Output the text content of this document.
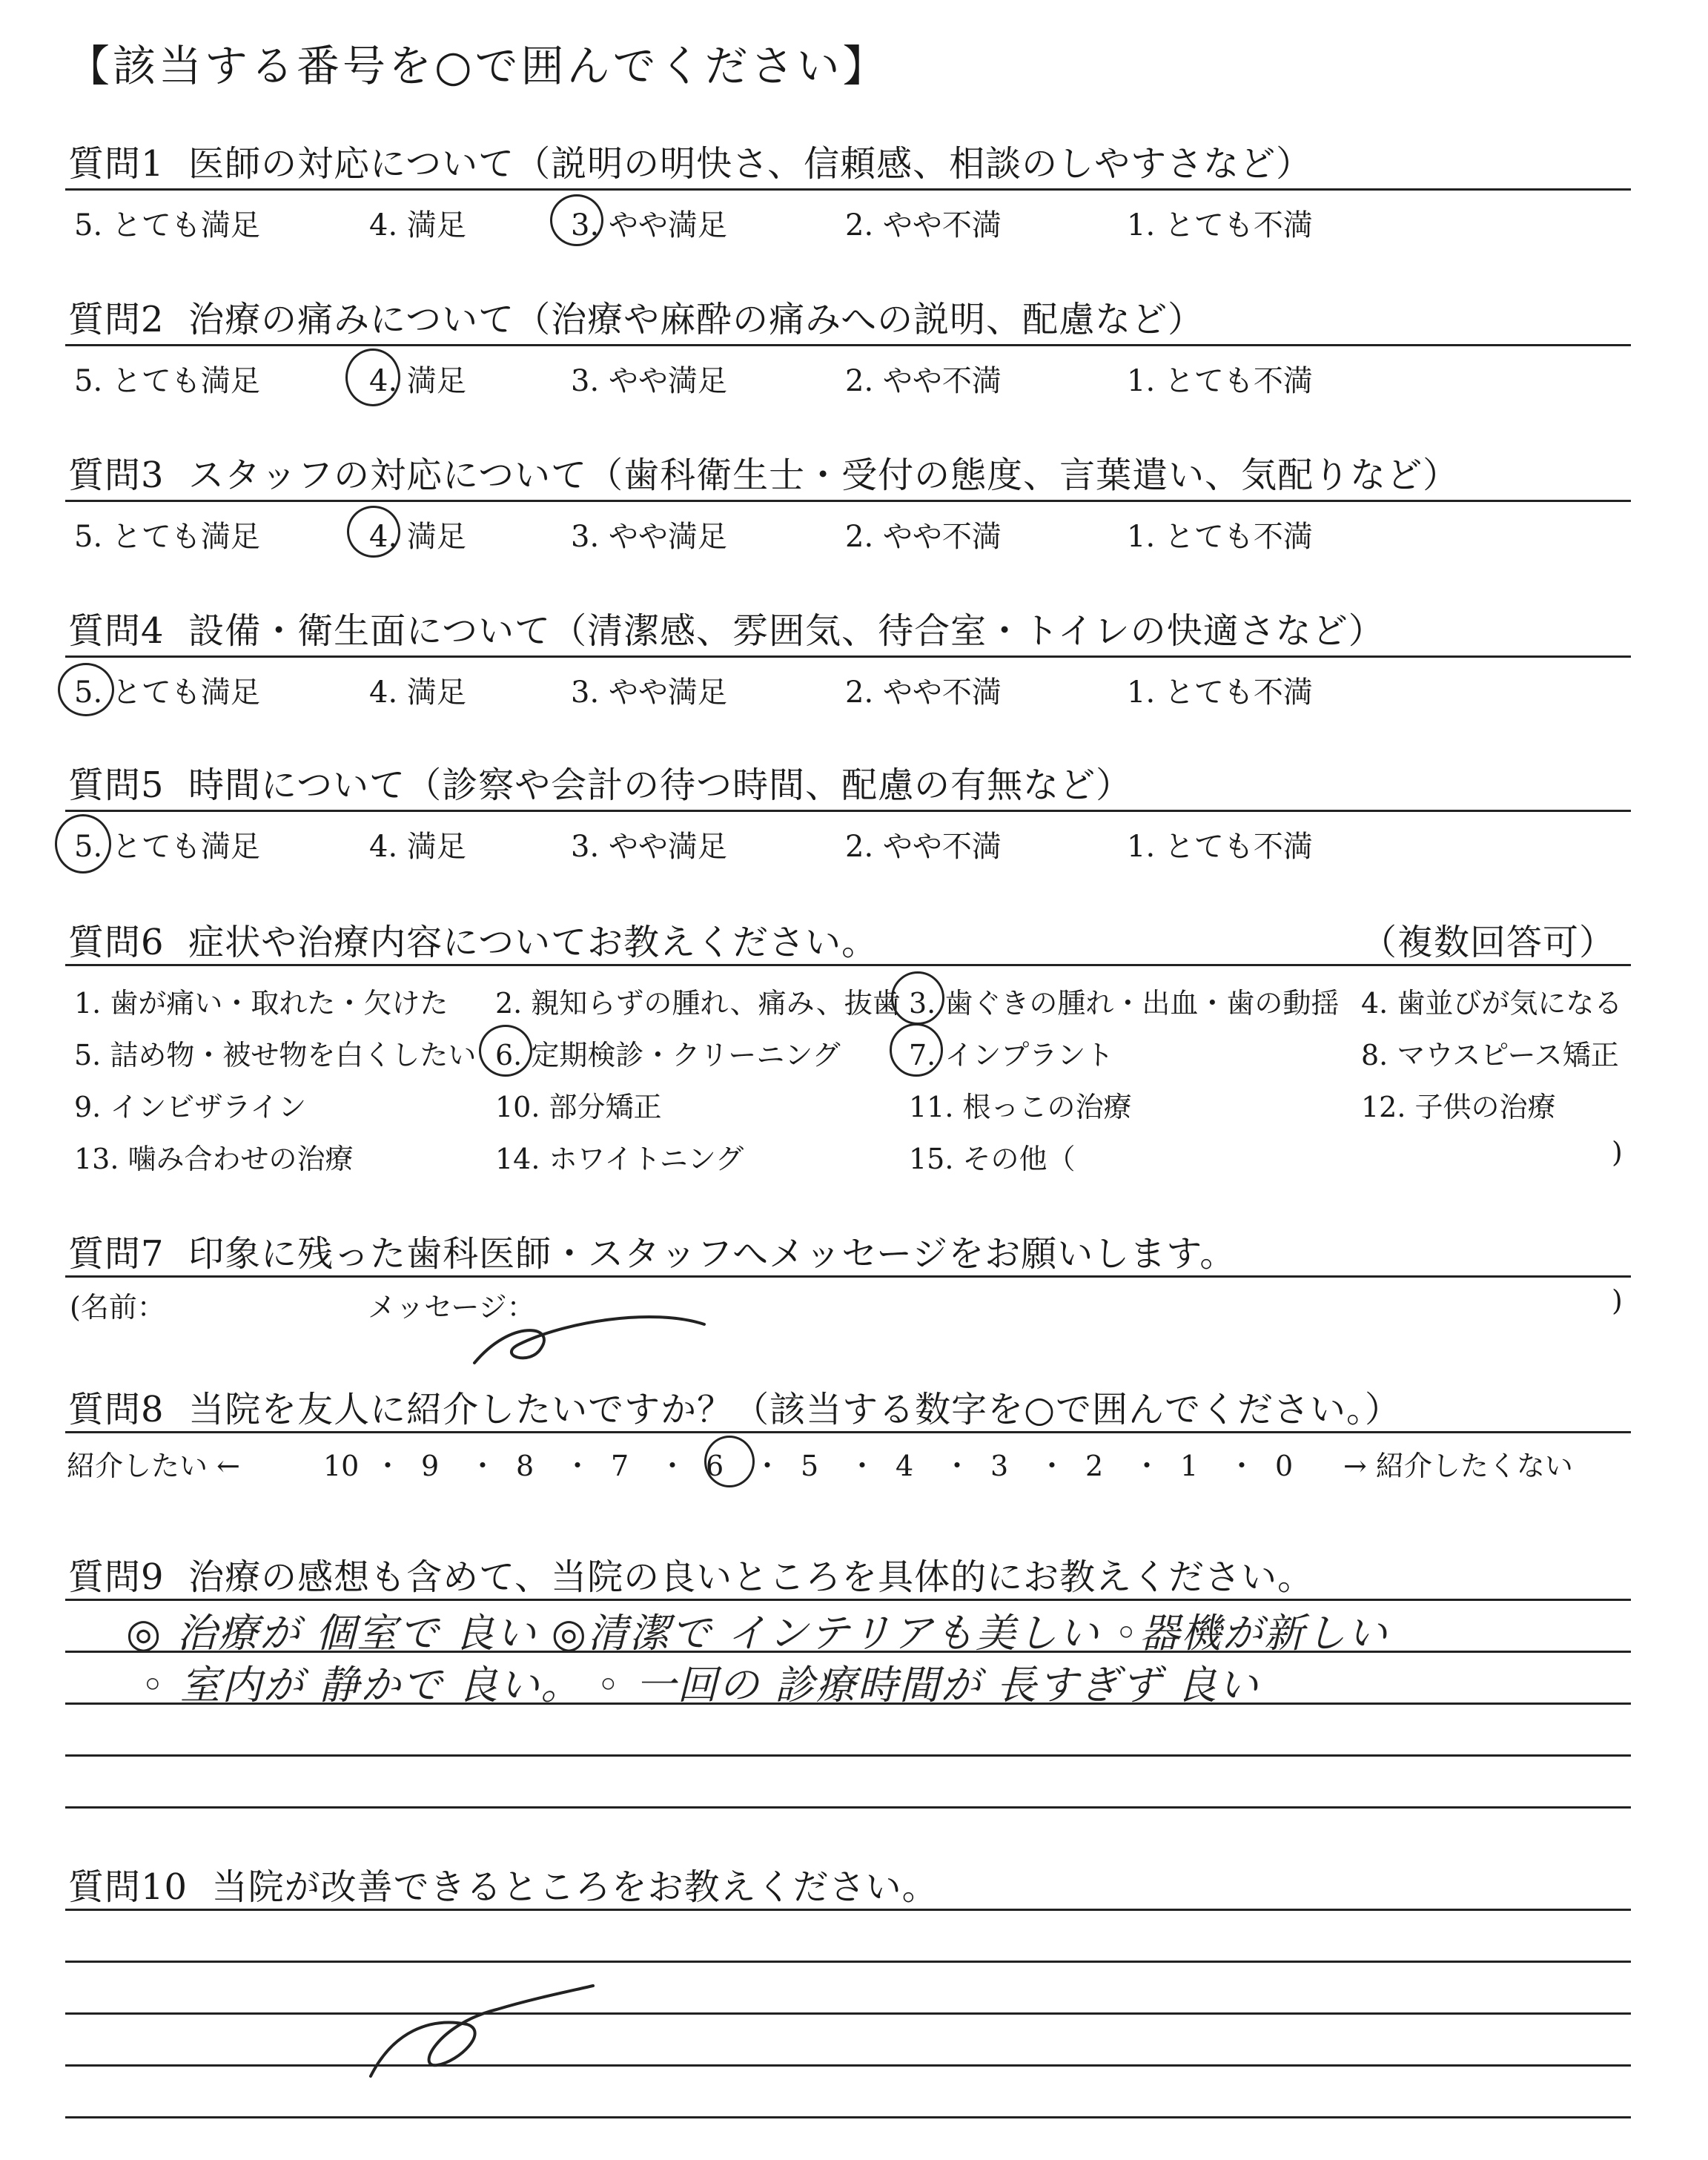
【該当する番号を○で囲んでください】
質問1 医師の対応について（説明の明快さ、信頼感、相談のしやすさなど）
5. とても満足	4. 満足	3. やや満足	2. やや不満	1. とても不満
質問2 治療の痛みについて（治療や麻酔の痛みへの説明、配慮など）
5. とても満足	4. 満足	3. やや満足	2. やや不満	1. とても不満
質問3 スタッフの対応について（歯科衛生士・受付の態度、言葉遣い、気配りなど）
5. とても満足	4. 満足	3. やや満足	2. やや不満	1. とても不満
質問4 設備・衛生面について（清潔感、雰囲気、待合室・トイレの快適さなど）
5. とても満足	4. 満足	3. やや満足	2. やや不満	1. とても不満
質問5 時間について（診察や会計の待つ時間、配慮の有無など）
5. とても満足	4. 満足	3. やや満足	2. やや不満	1. とても不満
質問6 症状や治療内容についてお教えください。	（複数回答可）
1. 歯が痛い・取れた・欠けた 2. 親知らずの腫れ、痛み、抜歯 3. 歯ぐきの腫れ・出血・歯の動揺 4. 歯並びが気になる
5. 詰め物・被せ物を白くしたい 6. 定期検診・クリーニング 7. インプラント	8. マウスピース矯正
9. インビザライン	10. 部分矯正	11. 根っこの治療	12. 子供の治療
13. 噛み合わせの治療	14. ホワイトニング	15. その他（	)
質問7 印象に残った歯科医師・スタッフへメッセージをお願いします。
(名前：	メッセージ：	)
質問8 当院を友人に紹介したいですか？（該当する数字を○で囲んでください。）
紹介したい ←	10 ・ 9 ・ 8 ・ 7 ・ 6 ・ 5 ・ 4 ・ 3 ・ 2 ・ 1 ・ 0	→ 紹介したくない
質問9 治療の感想も含めて、当院の良いところを具体的にお教えください。
◎ 治療が 個室で 良い ◎清潔で インテリアも美しい ◦器機が新しい
◦ 室内が 静かで 良い。 ◦ 一回の 診療時間が 長すぎず 良い
質問10 当院が改善できるところをお教えください。
